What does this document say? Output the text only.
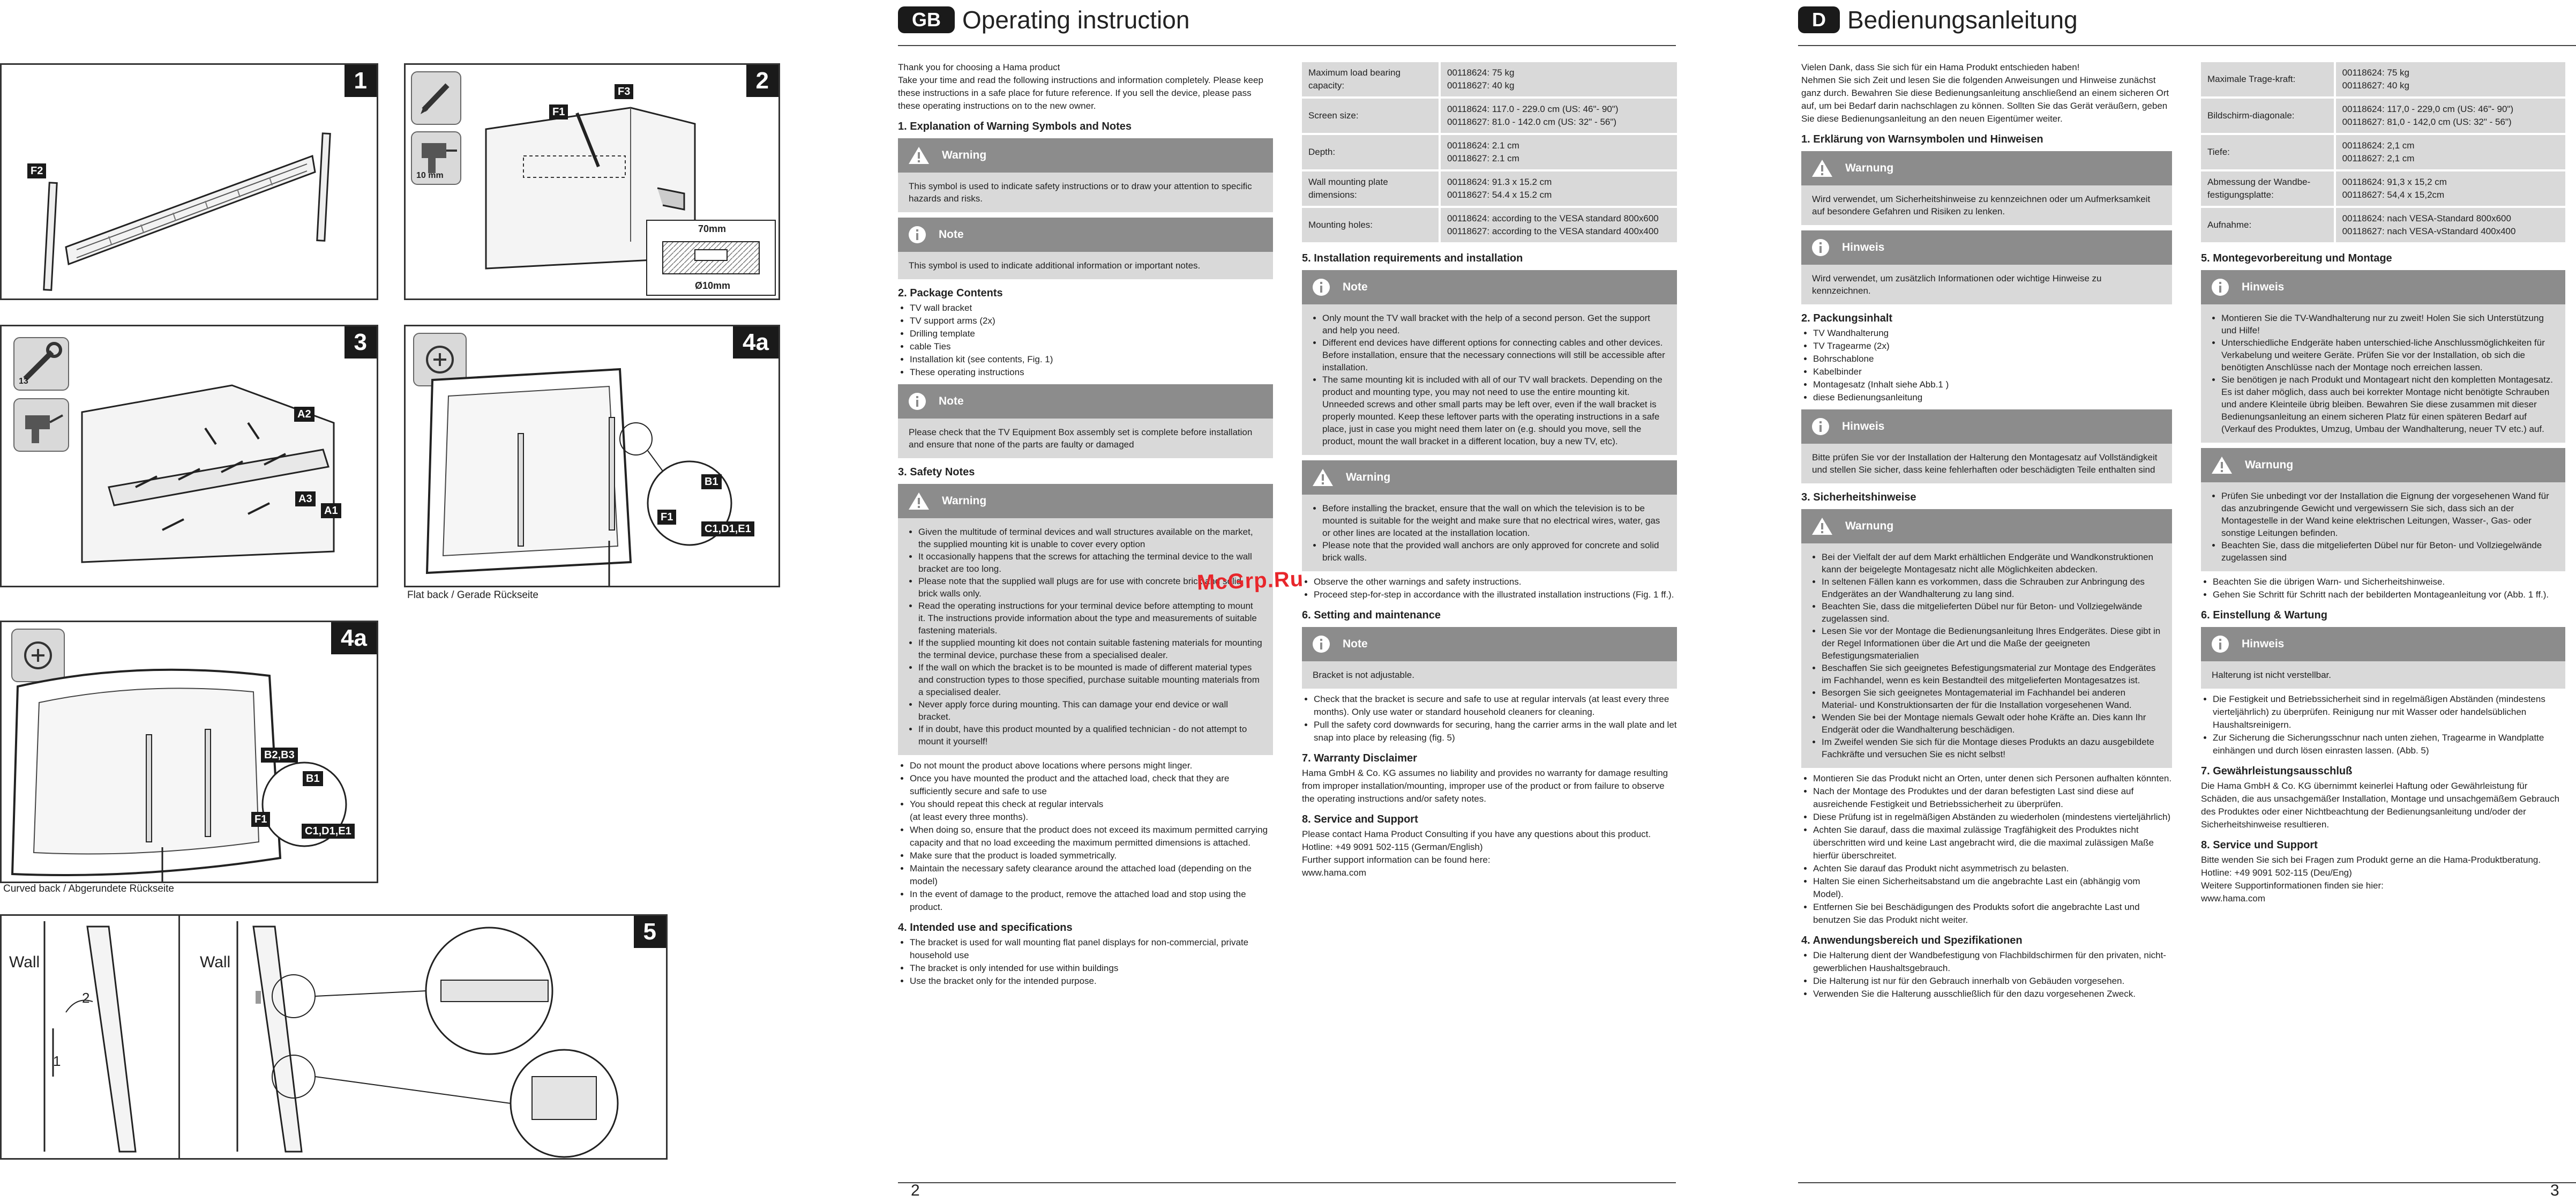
1
F2
2
10 mm
F3
F1
70mm
Ø10mm
3
13
A2
A3
A1
4a
B1
F1
C1,D1,E1
Flat back / Gerade Rückseite
4a
B2,B3
B1
F1
C1,D1,E1
Curved back / Abgerundete Rückseite
5
Wall	Wall
1
2
GB Operating instruction

Thank you for choosing a Hama product
Take your time and read the following instructions and information completely. Please keep these instructions in a safe place for future reference. If you sell the device, please pass these operating instructions on to the new owner.

1. Explanation of Warning Symbols and Notes
Warning
This symbol is used to indicate safety instructions or to draw your attention to specific hazards and risks.
Note
This symbol is used to indicate additional information or important notes.
2. Package Contents
• TV wall bracket
• TV support arms (2x)
• Drilling template
• cable Ties
• Installation kit (see contents, Fig. 1)
• These operating instructions
Note
Please check that the TV Equipment Box assembly set is complete before installation and ensure that none of the parts are faulty or damaged
3. Safety Notes
Warning
• Given the multitude of terminal devices and wall structures available on the market, the supplied mounting kit is unable to cover every option
• It occasionally happens that the screws for attaching the terminal device to the wall bracket are too long.
• Please note that the supplied wall plugs are for use with concrete brick and solid brick walls only.
• Read the operating instructions for your terminal device before attempting to mount it. The instructions provide information about the type and measurements of suitable fastening materials.
• If the supplied mounting kit does not contain suitable fastening materials for mounting the terminal device, purchase these from a specialised dealer.
• If the wall on which the bracket is to be mounted is made of different material types and construction types to those specified, purchase suitable mounting materials from a specialised dealer.
• Never apply force during mounting. This can damage your end device or wall bracket.
• If in doubt, have this product mounted by a qualified technician - do not attempt to mount it yourself!
• Do not mount the product above locations where persons might linger.
• Once you have mounted the product and the attached load, check that they are sufficiently secure and safe to use
• You should repeat this check at regular intervals
(at least every three months).
• When doing so, ensure that the product does not exceed its maximum permitted carrying capacity and that no load exceeding the maximum permitted dimensions is attached.
• Make sure that the product is loaded symmetrically.
• Maintain the necessary safety clearance around the attached load (depending on the model)
• In the event of damage to the product, remove the attached load and stop using the product.
4. Intended use and specifications
• The bracket is used for wall mounting flat panel displays for non-commercial, private household use
• The bracket is only intended for use within buildings
• Use the bracket only for the intended purpose.
Maximum load bearing capacity:	00118624: 75 kg
00118627: 40 kg

Screen size:	00118624: 117.0 - 229.0 cm (US: 46"- 90")
00118627: 81.0 - 142.0 cm (US: 32" - 56")

Depth:	00118624: 2.1 cm
00118627: 2.1 cm

Wall mounting plate dimensions:	00118624: 91.3 x 15.2 cm
00118627: 54.4 x 15.2 cm

Mounting holes:	00118624: according to the VESA standard 800x600
00118627: according to the VESA standard 400x400
5. Installation requirements and installation
Note
• Only mount the TV wall bracket with the help of a second person. Get the support and help you need.
• Different end devices have different options for connecting cables and other devices. Before installation, ensure that the necessary connections will still be accessible after installation.
• The same mounting kit is included with all of our TV wall brackets. Depending on the product and mounting type, you may not need to use the entire mounting kit. Unneeded screws and other small parts may be left over, even if the wall bracket is properly mounted. Keep these leftover parts with the operating instructions in a safe place, just in case you might need them later on (e.g. should you move, sell the product, mount the wall bracket in a different location, buy a new TV, etc).
Warning
• Before installing the bracket, ensure that the wall on which the television is to be mounted is suitable for the weight and make sure that no electrical wires, water, gas or other lines are located at the installation location.
• Please note that the provided wall anchors are only approved for concrete and solid brick walls.
• Observe the other warnings and safety instructions.
• Proceed step-for-step in accordance with the illustrated installation instructions (Fig. 1 ff.).
6. Setting and maintenance
Note
Bracket is not adjustable.
• Check that the bracket is secure and safe to use at regular intervals (at least every three months). Only use water or standard household cleaners for cleaning.
• Pull the safety cord downwards for securing, hang the carrier arms in the wall plate and let snap into place by releasing (fig. 5)
7. Warranty Disclaimer

Hama GmbH & Co. KG assumes no liability and provides no warranty for damage resulting from improper installation/mounting, improper use of the product or from failure to observe the operating instructions and/or safety notes.

8. Service and Support

Please contact Hama Product Consulting if you have any questions about this product.
Hotline: +49 9091 502-115 (German/English)
Further support information can be found here:
www.hama.com

2
D Bedienungsanleitung

Vielen Dank, dass Sie sich für ein Hama Produkt entschieden haben!
Nehmen Sie sich Zeit und lesen Sie die folgenden Anweisungen und Hinweise zunächst ganz durch. Bewahren Sie diese Bedienungsanleitung anschließend an einem sicheren Ort auf, um bei Bedarf darin nachschlagen zu können. Sollten Sie das Gerät veräußern, geben Sie diese Bedienungsanleitung an den neuen Eigentümer weiter.

1. Erklärung von Warnsymbolen und Hinweisen
Warnung
Wird verwendet, um Sicherheitshinweise zu kennzeichnen oder um Aufmerksamkeit auf besondere Gefahren und Risiken zu lenken.
Hinweis
Wird verwendet, um zusätzlich Informationen oder wichtige Hinweise zu kennzeichnen.
2. Packungsinhalt
• TV Wandhalterung
• TV Tragearme (2x)
• Bohrschablone
• Kabelbinder
• Montagesatz (Inhalt siehe Abb.1 )
• diese Bedienungsanleitung
Hinweis
Bitte prüfen Sie vor der Installation der Halterung den Montagesatz auf Vollständigkeit und stellen Sie sicher, dass keine fehlerhaften oder beschädigten Teile enthalten sind
3. Sicherheitshinweise
Warnung
• Bei der Vielfalt der auf dem Markt erhältlichen Endgeräte und Wandkonstruktionen kann der beigelegte Montagesatz nicht alle Möglichkeiten abdecken.
• In seltenen Fällen kann es vorkommen, dass die Schrauben zur Anbringung des Endgerätes an der Wandhalterung zu lang sind.
• Beachten Sie, dass die mitgelieferten Dübel nur für Beton- und Vollziegelwände zugelassen sind.
• Lesen Sie vor der Montage die Bedienungsanleitung Ihres Endgerätes. Diese gibt in der Regel Informationen über die Art und die Maße der geeigneten Befestigungsmaterialien
• Beschaffen Sie sich geeignetes Befestigungsmaterial zur Montage des Endgerätes im Fachhandel, wenn es kein Bestandteil des mitgelieferten Montagesatzes ist.
• Besorgen Sie sich geeignetes Montagematerial im Fachhandel bei anderen Material- und Konstruktionsarten der für die Installation vorgesehenen Wand.
• Wenden Sie bei der Montage niemals Gewalt oder hohe Kräfte an. Dies kann Ihr Endgerät oder die Wandhalterung beschädigen.
• Im Zweifel wenden Sie sich für die Montage dieses Produkts an dazu ausgebildete Fachkräfte und versuchen Sie es nicht selbst!
• Montieren Sie das Produkt nicht an Orten, unter denen sich Personen aufhalten könnten.
• Nach der Montage des Produktes und der daran befestigten Last sind diese auf ausreichende Festigkeit und Betriebssicherheit zu überprüfen.
• Diese Prüfung ist in regelmäßigen Abständen zu wiederholen (mindestens vierteljährlich)
• Achten Sie darauf, dass die maximal zulässige Tragfähigkeit des Produktes nicht überschritten wird und keine Last angebracht wird, die die maximal zulässigen Maße hierfür überschreitet.
• Achten Sie darauf das Produkt nicht asymmetrisch zu belasten.
• Halten Sie einen Sicherheitsabstand um die angebrachte Last ein (abhängig vom Model).
• Entfernen Sie bei Beschädigungen des Produkts sofort die angebrachte Last und benutzen Sie das Produkt nicht weiter.
4. Anwendungsbereich und Spezifikationen
• Die Halterung dient der Wandbefestigung von Flachbildschirmen für den privaten, nicht-gewerblichen Haushaltsgebrauch.
• Die Halterung ist nur für den Gebrauch innerhalb von Gebäuden vorgesehen.
• Verwenden Sie die Halterung ausschließlich für den dazu vorgesehenen Zweck.
Maximale Trage-kraft:	00118624: 75 kg
00118627: 40 kg

Bildschirm-diagonale:	00118624: 117,0 - 229,0 cm (US: 46"- 90")
00118627: 81,0 - 142,0 cm (US: 32" - 56")

Tiefe:	00118624: 2,1 cm
00118627: 2,1 cm

Abmessung der Wandbe-festigungsplatte:	00118624: 91,3 x 15,2 cm
00118627: 54,4 x 15,2cm

Aufnahme:	00118624: nach VESA-Standard 800x600
00118627: nach VESA-vStandard 400x400
5. Montegevorbereitung und Montage
Hinweis
• Montieren Sie die TV-Wandhalterung nur zu zweit! Holen Sie sich Unterstützung und Hilfe!
• Unterschiedliche Endgeräte haben unterschied-liche Anschlussmöglichkeiten für Verkabelung und weitere Geräte. Prüfen Sie vor der Installation, ob sich die benötigten Anschlüsse nach der Montage noch erreichen lassen.
• Sie benötigen je nach Produkt und Montageart nicht den kompletten Montagesatz. Es ist daher möglich, dass auch bei korrekter Montage nicht benötigte Schrauben und andere Kleinteile übrig bleiben. Bewahren Sie diese zusammen mit dieser Bedienungsanleitung an einem sicheren Platz für einen späteren Bedarf auf (Verkauf des Produktes, Umzug, Umbau der Wandhalterung, neuer TV etc.) auf.
Warnung
• Prüfen Sie unbedingt vor der Installation die Eignung der vorgesehenen Wand für das anzubringende Gewicht und vergewissern Sie sich, dass sich an der Montagestelle in der Wand keine elektrischen Leitungen, Wasser-, Gas- oder sonstige Leitungen befinden.
• Beachten Sie, dass die mitgelieferten Dübel nur für Beton- und Vollziegelwände zugelassen sind
• Beachten Sie die übrigen Warn- und Sicherheitshinweise.
• Gehen Sie Schritt für Schritt nach der bebilderten Montageanleitung vor (Abb. 1 ff.).
6. Einstellung & Wartung
Hinweis
Halterung ist nicht verstellbar.
• Die Festigkeit und Betriebssicherheit sind in regelmäßigen Abständen (mindestens vierteljährlich) zu überprüfen. Reinigung nur mit Wasser oder handelsüblichen Haushaltsreinigern.
• Zur Sicherung die Sicherungsschnur nach unten ziehen, Tragearme in Wandplatte einhängen und durch lösen einrasten lassen. (Abb. 5)
7. Gewährleistungsausschluß

Die Hama GmbH & Co. KG übernimmt keinerlei Haftung oder Gewährleistung für Schäden, die aus unsachgemäßer Installation, Montage und unsachgemäßem Gebrauch des Produktes oder einer Nichtbeachtung der Bedienungsanleitung und/oder der Sicherheitshinweise resultieren.

8. Service und Support

Bitte wenden Sie sich bei Fragen zum Produkt gerne an die Hama-Produktberatung.
Hotline: +49 9091 502-115 (Deu/Eng)
Weitere Supportinformationen finden sie hier:
www.hama.com

3
McGrp.Ru
